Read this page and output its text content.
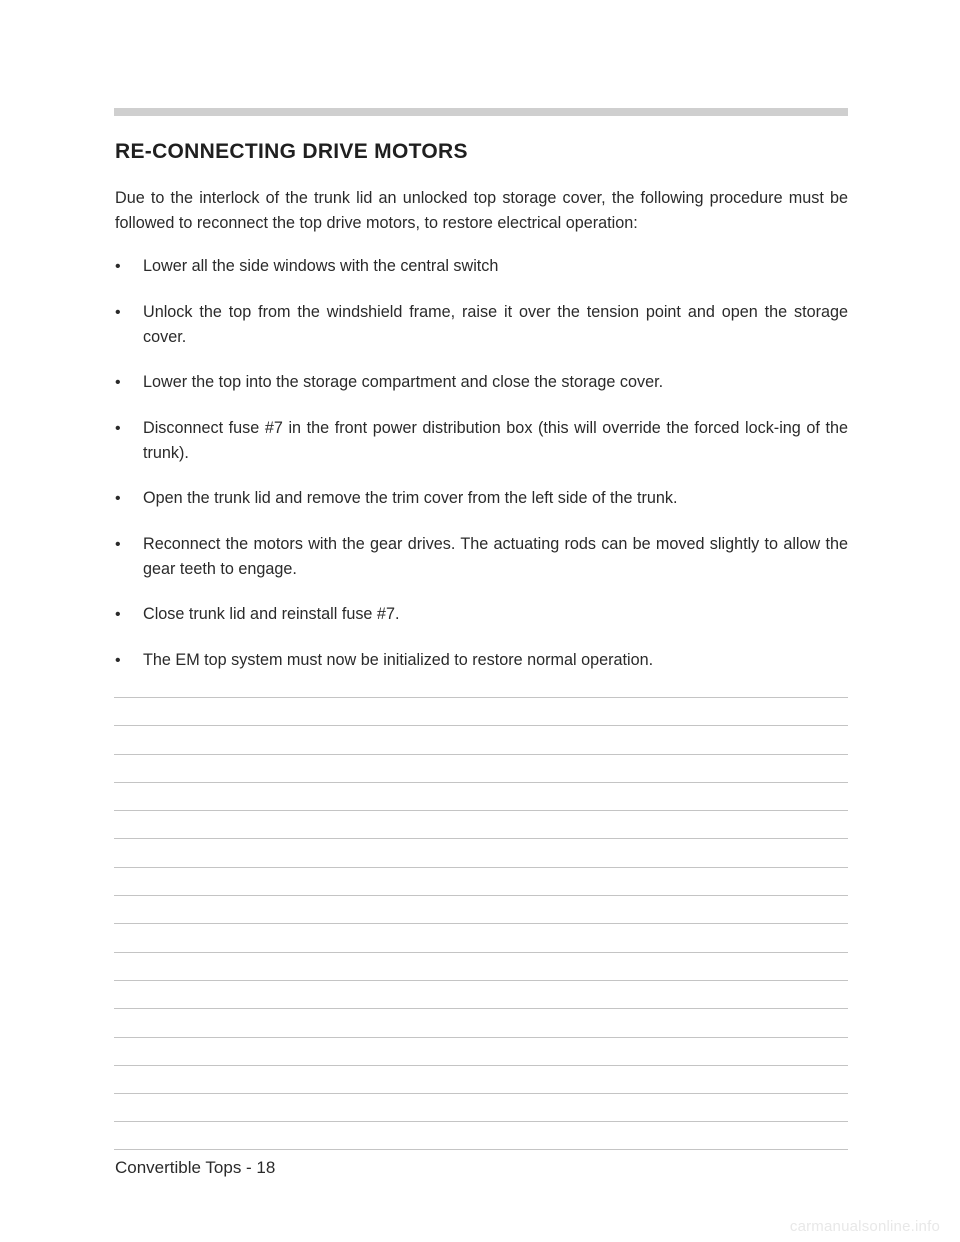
RE-CONNECTING DRIVE MOTORS

Due to the interlock of the trunk lid an unlocked top storage cover, the following procedure must be followed to reconnect the top drive motors, to restore electrical operation:

•	Lower all the side windows with the central switch
•	Unlock the top from the windshield frame, raise it over the tension point and open the storage cover.
•	Lower the top into the storage compartment and close the storage cover.
•	Disconnect fuse #7 in the front power distribution box (this will override the forced lock-ing of the trunk).
•	Open the trunk lid and remove the trim cover from the left side of the trunk.
•	Reconnect the motors with the gear drives. The actuating rods can be moved slightly to allow the gear teeth to engage.
•	Close trunk lid and reinstall fuse #7.
•	The EM top system must now be initialized to restore normal operation.
Convertible Tops - 18
carmanualsonline.info
